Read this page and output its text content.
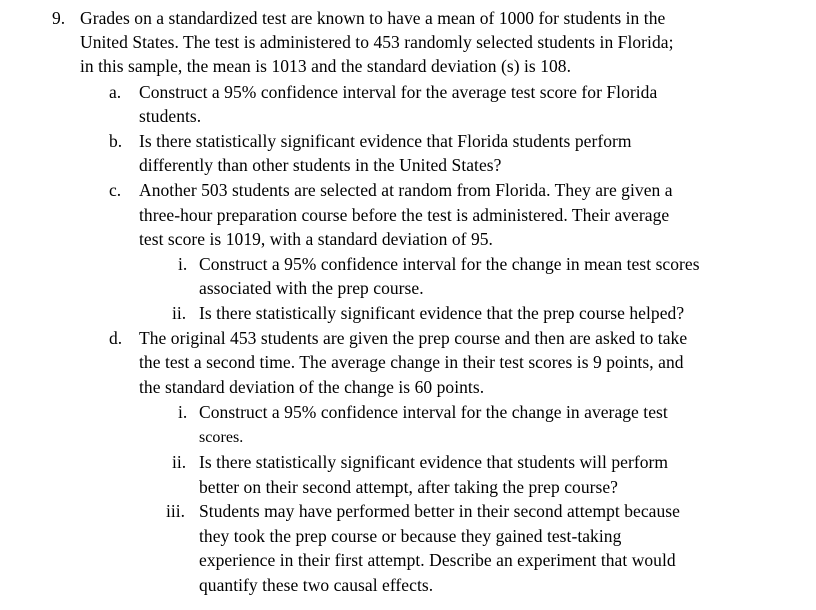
9. Grades on a standardized test are known to have a mean of 1000 for students in the
United States. The test is administered to 453 randomly selected students in Florida;
in this sample, the mean is 1013 and the standard deviation (s) is 108.
a. Construct a 95% confidence interval for the average test score for Florida
students.
b. Is there statistically significant evidence that Florida students perform
differently than other students in the United States?
c. Another 503 students are selected at random from Florida. They are given a
three-hour preparation course before the test is administered. Their average
test score is 1019, with a standard deviation of 95.
i. Construct a 95% confidence interval for the change in mean test scores
associated with the prep course.
ii. Is there statistically significant evidence that the prep course helped?
d. The original 453 students are given the prep course and then are asked to take
the test a second time. The average change in their test scores is 9 points, and
the standard deviation of the change is 60 points.
i. Construct a 95% confidence interval for the change in average test
scores.
ii. Is there statistically significant evidence that students will perform
better on their second attempt, after taking the prep course?
iii. Students may have performed better in their second attempt because
they took the prep course or because they gained test-taking
experience in their first attempt. Describe an experiment that would
quantify these two causal effects.
